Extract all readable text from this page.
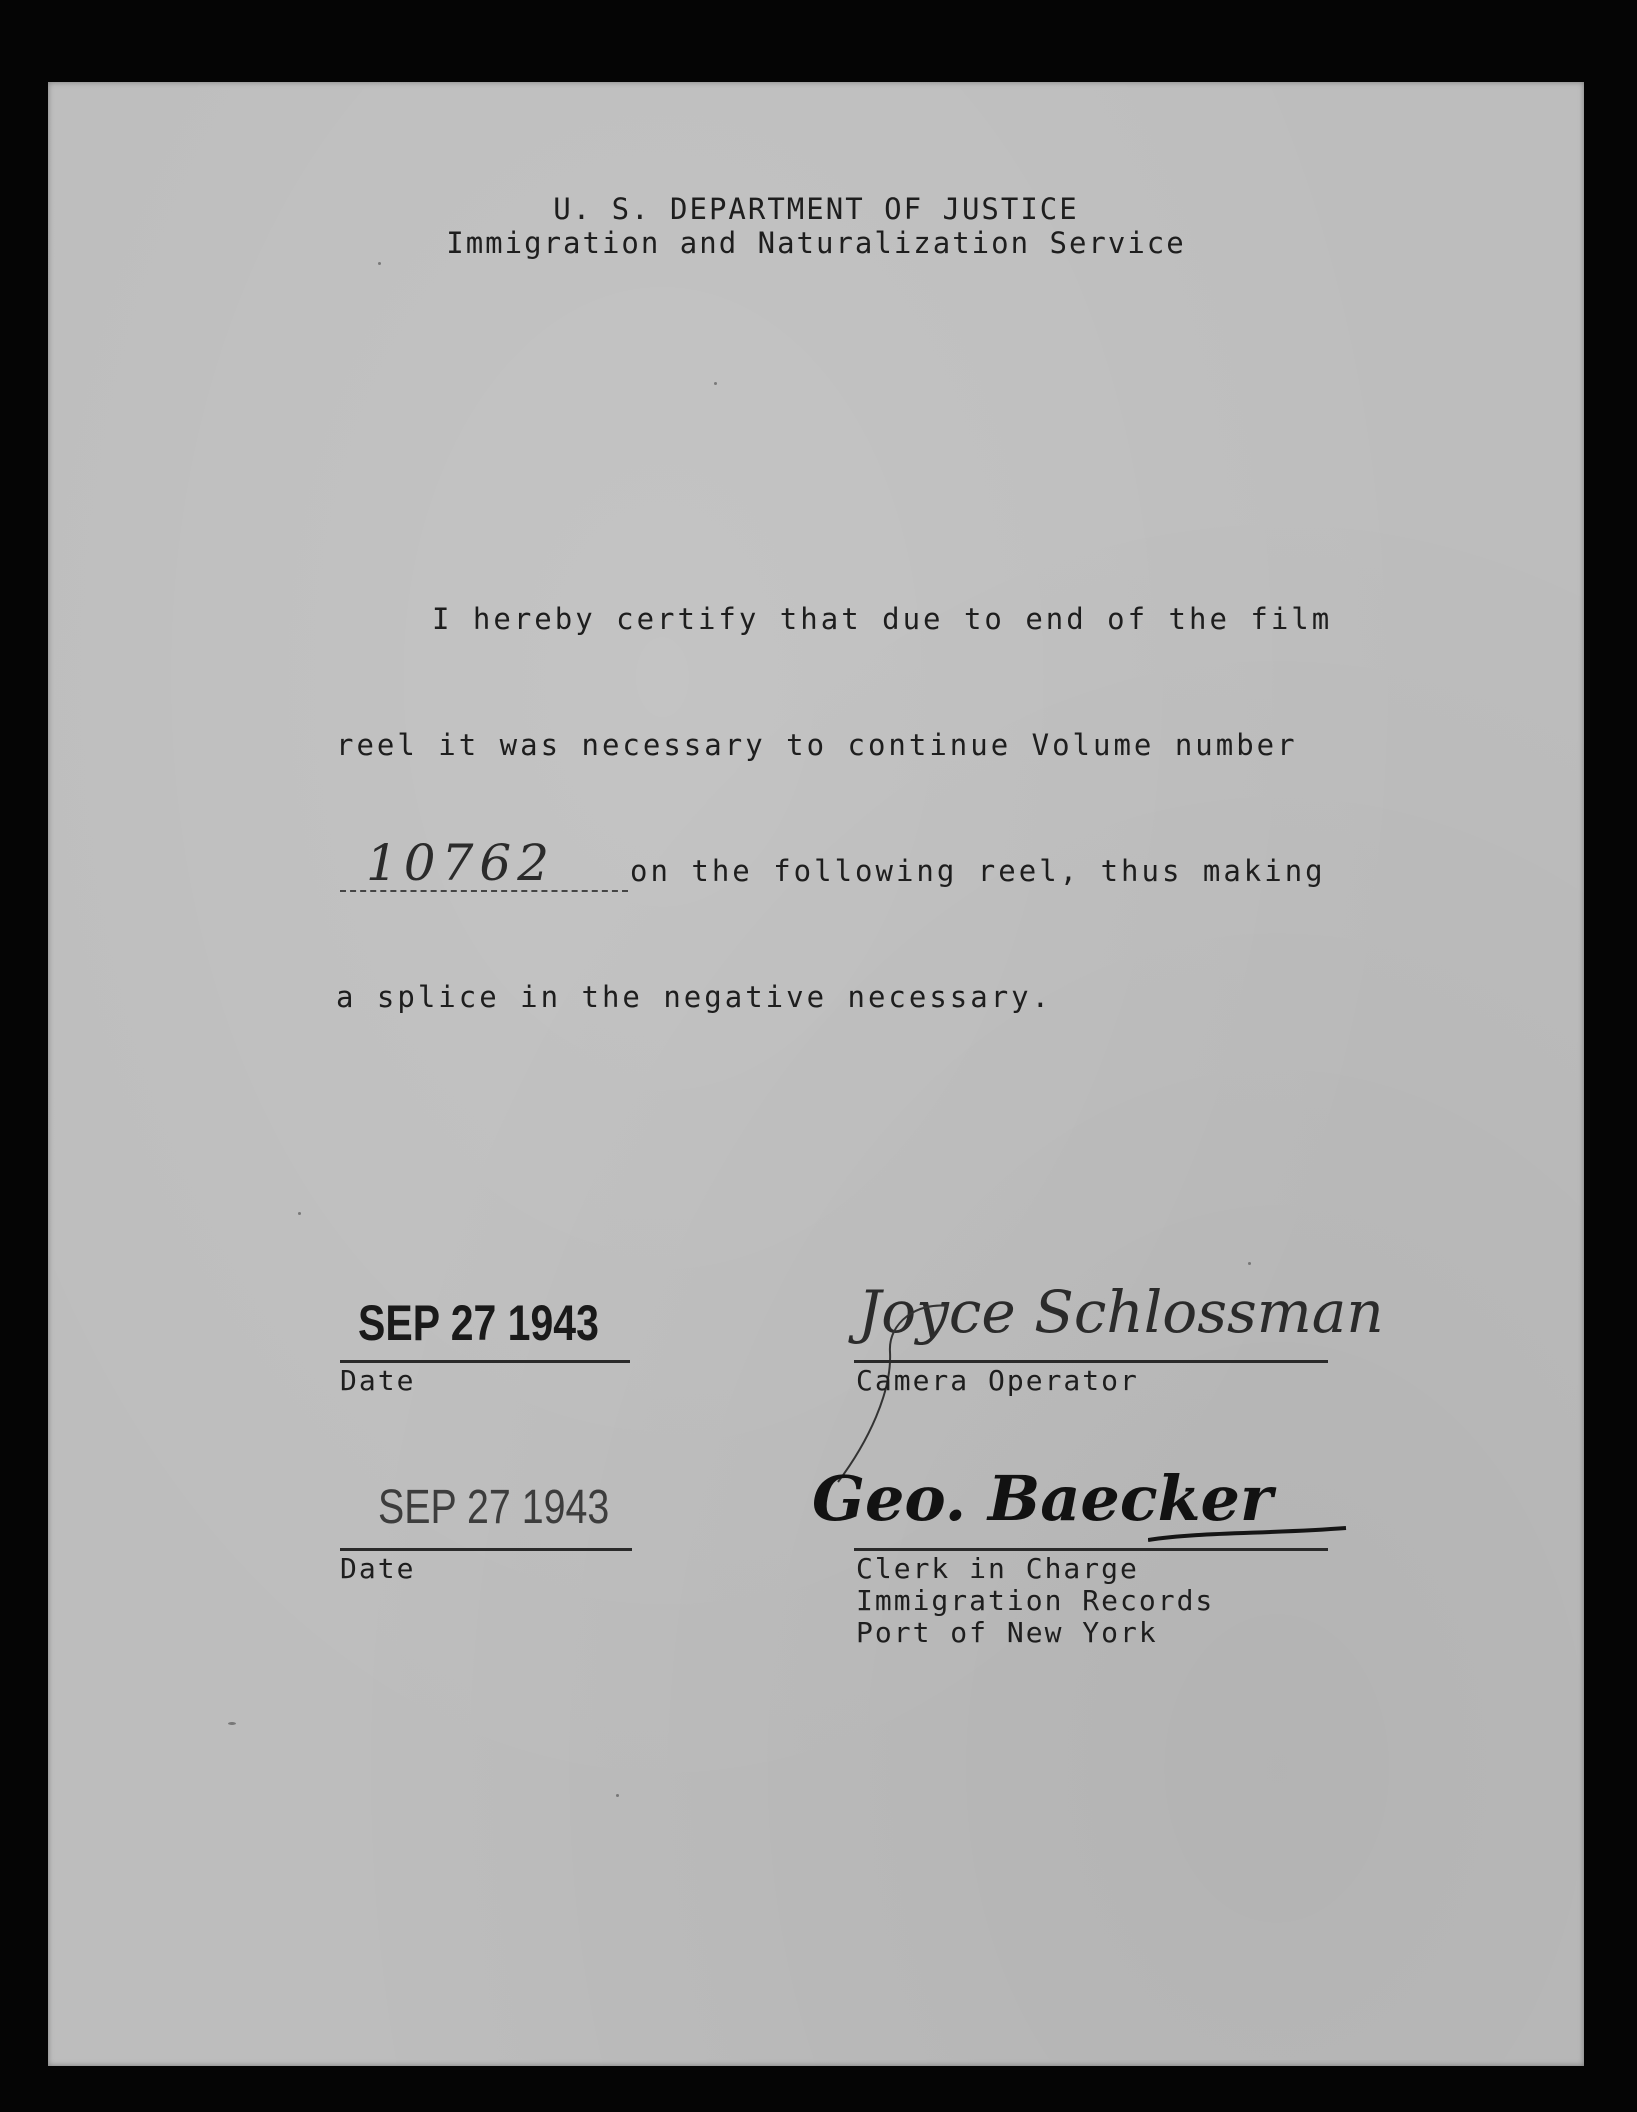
U. S. DEPARTMENT OF JUSTICE
Immigration and Naturalization Service
I hereby certify that due to end of the film
reel it was necessary to continue Volume number
10762	on the following reel, thus making
a splice in the negative necessary.
SEP 27 1943
Date
Joyce Schlossman
Camera Operator
SEP 27 1943
Date
Geo. Baecker
Clerk in Charge
Immigration Records
Port of New York
